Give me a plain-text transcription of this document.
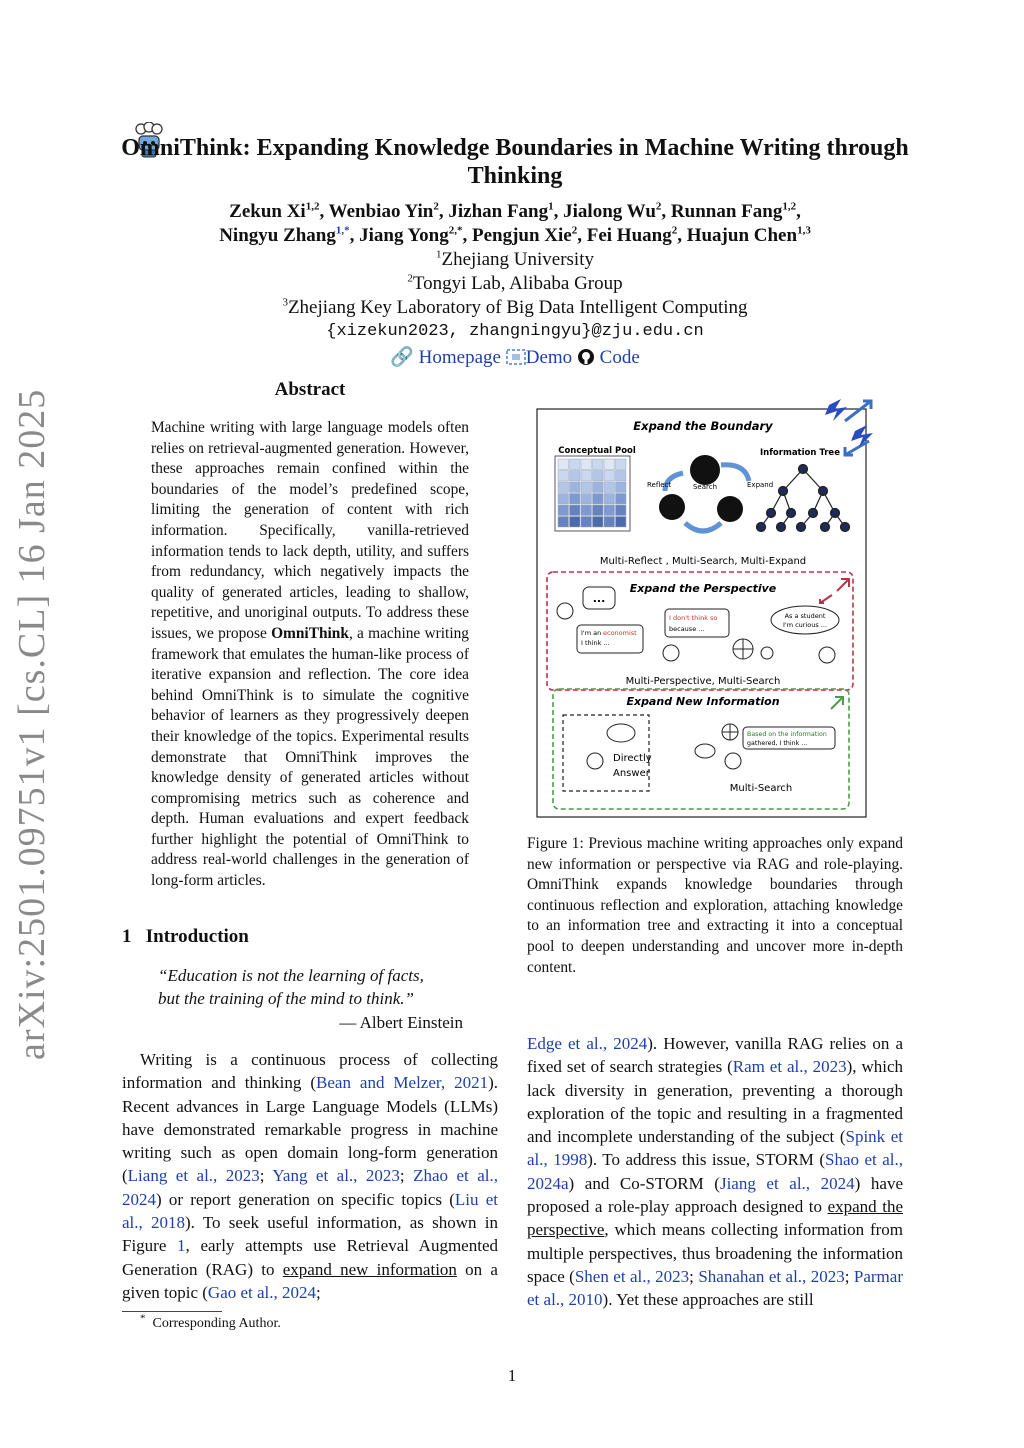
OmniThink: Expanding Knowledge Boundaries in Machine Writing through Thinking
Zekun Xi$^{1,2}$, Wenbiao Yin$^2$, Jizhan Fang$^1$, Jialong Wu$^2$, Runnan Fang$^{1,2}$,
Ningyu Zhang$^{1,*}$, Jiang Yong$^{2,*}$, Pengjun Xie$^2$, Fei Huang$^2$, Huajun Chen$^{1,3}$
$^1$Zhejiang University
$^2$Tongyi Lab, Alibaba Group
$^3$Zhejiang Key Laboratory of Big Data Intelligent Computing
{xizekun2023, zhangningyu}@zju.edu.cn
🔗 Homepage Demo Code
arXiv:2501.09751v1 [cs.CL] 16 Jan 2025	Abstract
Machine writing with large language models often relies on retrieval-augmented generation. However, these approaches remain confined within the boundaries of the model’s predefined scope, limiting the generation of content with rich information. Specifically, vanilla-retrieved information tends to lack depth, utility, and suffers from redundancy, which negatively impacts the quality of generated articles, leading to shallow, repetitive, and unoriginal outputs. To address these issues, we propose OmniThink, a machine writing framework that emulates the human-like process of iterative expansion and reflection. The core idea behind OmniThink is to simulate the cognitive behavior of learners as they progressively deepen their knowledge of the topics. Experimental results demonstrate that OmniThink improves the knowledge density of generated articles without compromising metrics such as coherence and depth. Human evaluations and expert feedback further highlight the potential of OmniThink to address real-world challenges in the generation of long-form articles.
1 Introduction
“Education is not the learning of facts,
but the training of the mind to think.”
— Albert Einstein
Writing is a continuous process of collecting information and thinking (Bean and Melzer, 2021). Recent advances in Large Language Models (LLMs) have demonstrated remarkable progress in machine writing such as open domain long-form generation (Liang et al., 2023; Yang et al., 2023; Zhao et al., 2024) or report generation on specific topics (Liu et al., 2018). To seek useful information, as shown in Figure 1, early attempts use Retrieval Augmented Generation (RAG) to expand new information on a given topic (Gao et al., 2024;
* Corresponding Author.
Edge et al., 2024). However, vanilla RAG relies on a fixed set of search strategies (Ram et al., 2023), which lack diversity in generation, preventing a thorough exploration of the topic and resulting in a fragmented and incomplete understanding of the subject (Spink et al., 1998). To address this issue, STORM (Shao et al., 2024a) and Co-STORM (Jiang et al., 2024) have proposed a role-play approach designed to expand the perspective, which means collecting information from multiple perspectives, thus broadening the information space (Shen et al., 2023; Shanahan et al., 2023; Parmar et al., 2010). Yet these approaches are still
Expand the Boundary
Conceptual Pool	Information Tree
Reflect	Search	Expand
Multi-Reflect , Multi-Search, Multi-Expand
Expand the Perspective
...
I'm an economist
I think ...
I don't think so
because ...
As a student
I'm curious ...
Multi-Perspective, Multi-Search
Expand New Information
Directly
Answer
Based on the information
gathered, I think ...
Multi-Search
Figure 1: Previous machine writing approaches only expand new information or perspective via RAG and role-playing. OmniThink expands knowledge boundaries through continuous reflection and exploration, attaching knowledge to an information tree and extracting it into a conceptual pool to deepen understanding and uncover more in-depth content.
1
